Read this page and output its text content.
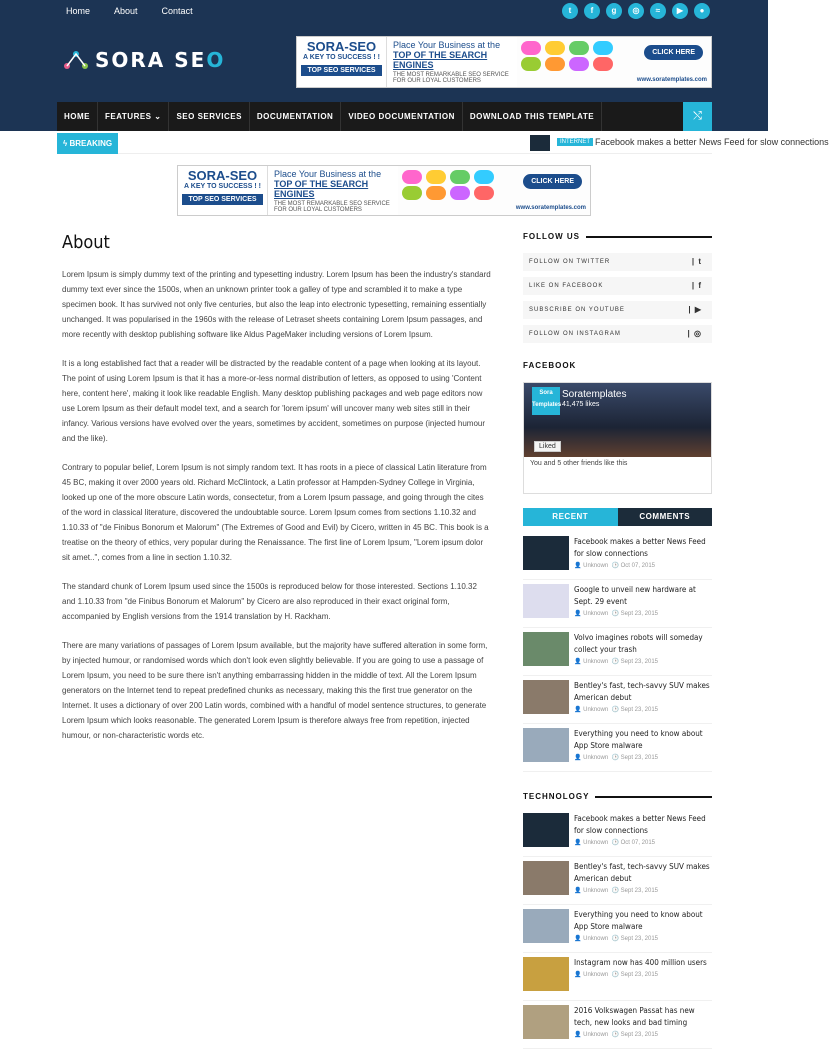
Home	About	Contact	t	f	g	◎	≈	▶	●
SORA SEO
SORA-SEO
A KEY TO SUCCESS ! !
TOP SEO SERVICES
Place Your Business at the
TOP OF THE SEARCH ENGINES
THE MOST REMARKABLE SEO SERVICE FOR OUR LOYAL CUSTOMERS
CLICK HERE
www.soratemplates.com
HOME	FEATURES ⌄	SEO SERVICES	DOCUMENTATION	VIDEO DOCUMENTATION	DOWNLOAD THIS TEMPLATE	⤭
ϟ BREAKING	INTERNET Facebook makes a better News Feed for slow connections
SORA-SEO
A KEY TO SUCCESS ! !
TOP SEO SERVICES
Place Your Business at the
TOP OF THE SEARCH ENGINES
THE MOST REMARKABLE SEO SERVICE FOR OUR LOYAL CUSTOMERS
CLICK HERE
www.soratemplates.com
About

Lorem Ipsum is simply dummy text of the printing and typesetting industry. Lorem Ipsum has been the industry's standard dummy text ever since the 1500s, when an unknown printer took a galley of type and scrambled it to make a type specimen book. It has survived not only five centuries, but also the leap into electronic typesetting, remaining essentially unchanged. It was popularised in the 1960s with the release of Letraset sheets containing Lorem Ipsum passages, and more recently with desktop publishing software like Aldus PageMaker including versions of Lorem Ipsum.

It is a long established fact that a reader will be distracted by the readable content of a page when looking at its layout. The point of using Lorem Ipsum is that it has a more-or-less normal distribution of letters, as opposed to using 'Content here, content here', making it look like readable English. Many desktop publishing packages and web page editors now use Lorem Ipsum as their default model text, and a search for 'lorem ipsum' will uncover many web sites still in their infancy. Various versions have evolved over the years, sometimes by accident, sometimes on purpose (injected humour and the like).

Contrary to popular belief, Lorem Ipsum is not simply random text. It has roots in a piece of classical Latin literature from 45 BC, making it over 2000 years old. Richard McClintock, a Latin professor at Hampden-Sydney College in Virginia, looked up one of the more obscure Latin words, consectetur, from a Lorem Ipsum passage, and going through the cites of the word in classical literature, discovered the undoubtable source. Lorem Ipsum comes from sections 1.10.32 and 1.10.33 of "de Finibus Bonorum et Malorum" (The Extremes of Good and Evil) by Cicero, written in 45 BC. This book is a treatise on the theory of ethics, very popular during the Renaissance. The first line of Lorem Ipsum, "Lorem ipsum dolor sit amet..", comes from a line in section 1.10.32.

The standard chunk of Lorem Ipsum used since the 1500s is reproduced below for those interested. Sections 1.10.32 and 1.10.33 from "de Finibus Bonorum et Malorum" by Cicero are also reproduced in their exact original form, accompanied by English versions from the 1914 translation by H. Rackham.

There are many variations of passages of Lorem Ipsum available, but the majority have suffered alteration in some form, by injected humour, or randomised words which don't look even slightly believable. If you are going to use a passage of Lorem Ipsum, you need to be sure there isn't anything embarrassing hidden in the middle of text. All the Lorem Ipsum generators on the Internet tend to repeat predefined chunks as necessary, making this the first true generator on the Internet. It uses a dictionary of over 200 Latin words, combined with a handful of model sentence structures, to generate Lorem Ipsum which looks reasonable. The generated Lorem Ipsum is therefore always free from repetition, injected humour, or non-characteristic words etc.

FOLLOW US
FOLLOW ON TWITTER	| t
LIKE ON FACEBOOK	| f
SUBSCRIBE ON YOUTUBE	| ▶
FOLLOW ON INSTAGRAM	| ◎
FACEBOOK
Sora Templates
Soratemplates
41,475 likes
Liked
You and 5 other friends like this
RECENT	COMMENTS
Facebook makes a better News Feed for slow connections
👤 Unknown 🕒 Oct 07, 2015
Google to unveil new hardware at Sept. 29 event
👤 Unknown 🕒 Sept 23, 2015
Volvo imagines robots will someday collect your trash
👤 Unknown 🕒 Sept 23, 2015
Bentley's fast, tech-savvy SUV makes American debut
👤 Unknown 🕒 Sept 23, 2015
Everything you need to know about App Store malware
👤 Unknown 🕒 Sept 23, 2015
TECHNOLOGY
Facebook makes a better News Feed for slow connections
👤 Unknown 🕒 Oct 07, 2015
Bentley's fast, tech-savvy SUV makes American debut
👤 Unknown 🕒 Sept 23, 2015
Everything you need to know about App Store malware
👤 Unknown 🕒 Sept 23, 2015
Instagram now has 400 million users
👤 Unknown 🕒 Sept 23, 2015
2016 Volkswagen Passat has new tech, new looks and bad timing
👤 Unknown 🕒 Sept 23, 2015
